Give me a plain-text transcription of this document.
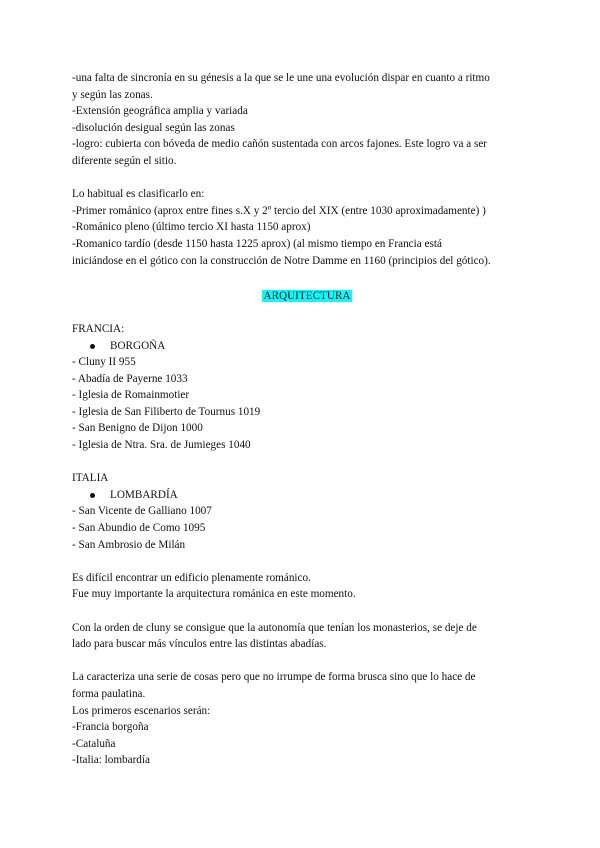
-una falta de sincronía en su génesis a la que se le une una evolución dispar en cuanto a ritmo
y según las zonas.
-Extensión geográfica amplia y variada
-disolución desigual según las zonas
-logro: cubierta con bóveda de medio cañón sustentada con arcos fajones. Este logro va a ser
diferente según el sitio.
Lo habitual es clasificarlo en:
-Primer románico (aprox entre fines s.X y 2º tercio del XIX (entre 1030 aproximadamente) )
-Románico pleno (último tercio XI hasta 1150 aprox)
-Romanico tardío (desde 1150 hasta 1225 aprox) (al mismo tiempo en Francia está
iniciándose en el gótico con la construcción de Notre Damme en 1160 (principios del gótico).
ARQUITECTURA
FRANCIA:
BORGOÑA
- Cluny II 955
- Abadía de Payerne 1033
- Iglesia de Romainmotier
- Iglesia de San Filiberto de Tournus 1019
- San Benigno de Dijon 1000
- Iglesia de Ntra. Sra. de Jumieges 1040
ITALIA
LOMBARDÍA
- San Vicente de Galliano 1007
- San Abundio de Como 1095
- San Ambrosio de Milán
Es difícil encontrar un edificio plenamente románico.
Fue muy importante la arquitectura románica en este momento.
Con la orden de cluny se consigue que la autonomía que tenían los monasterios, se deje de
lado para buscar más vínculos entre las distintas abadías.
La caracteriza una serie de cosas pero que no irrumpe de forma brusca sino que lo hace de
forma paulatina.
Los primeros escenarios serán:
-Francia borgoña
-Cataluña
-Italia: lombardía
